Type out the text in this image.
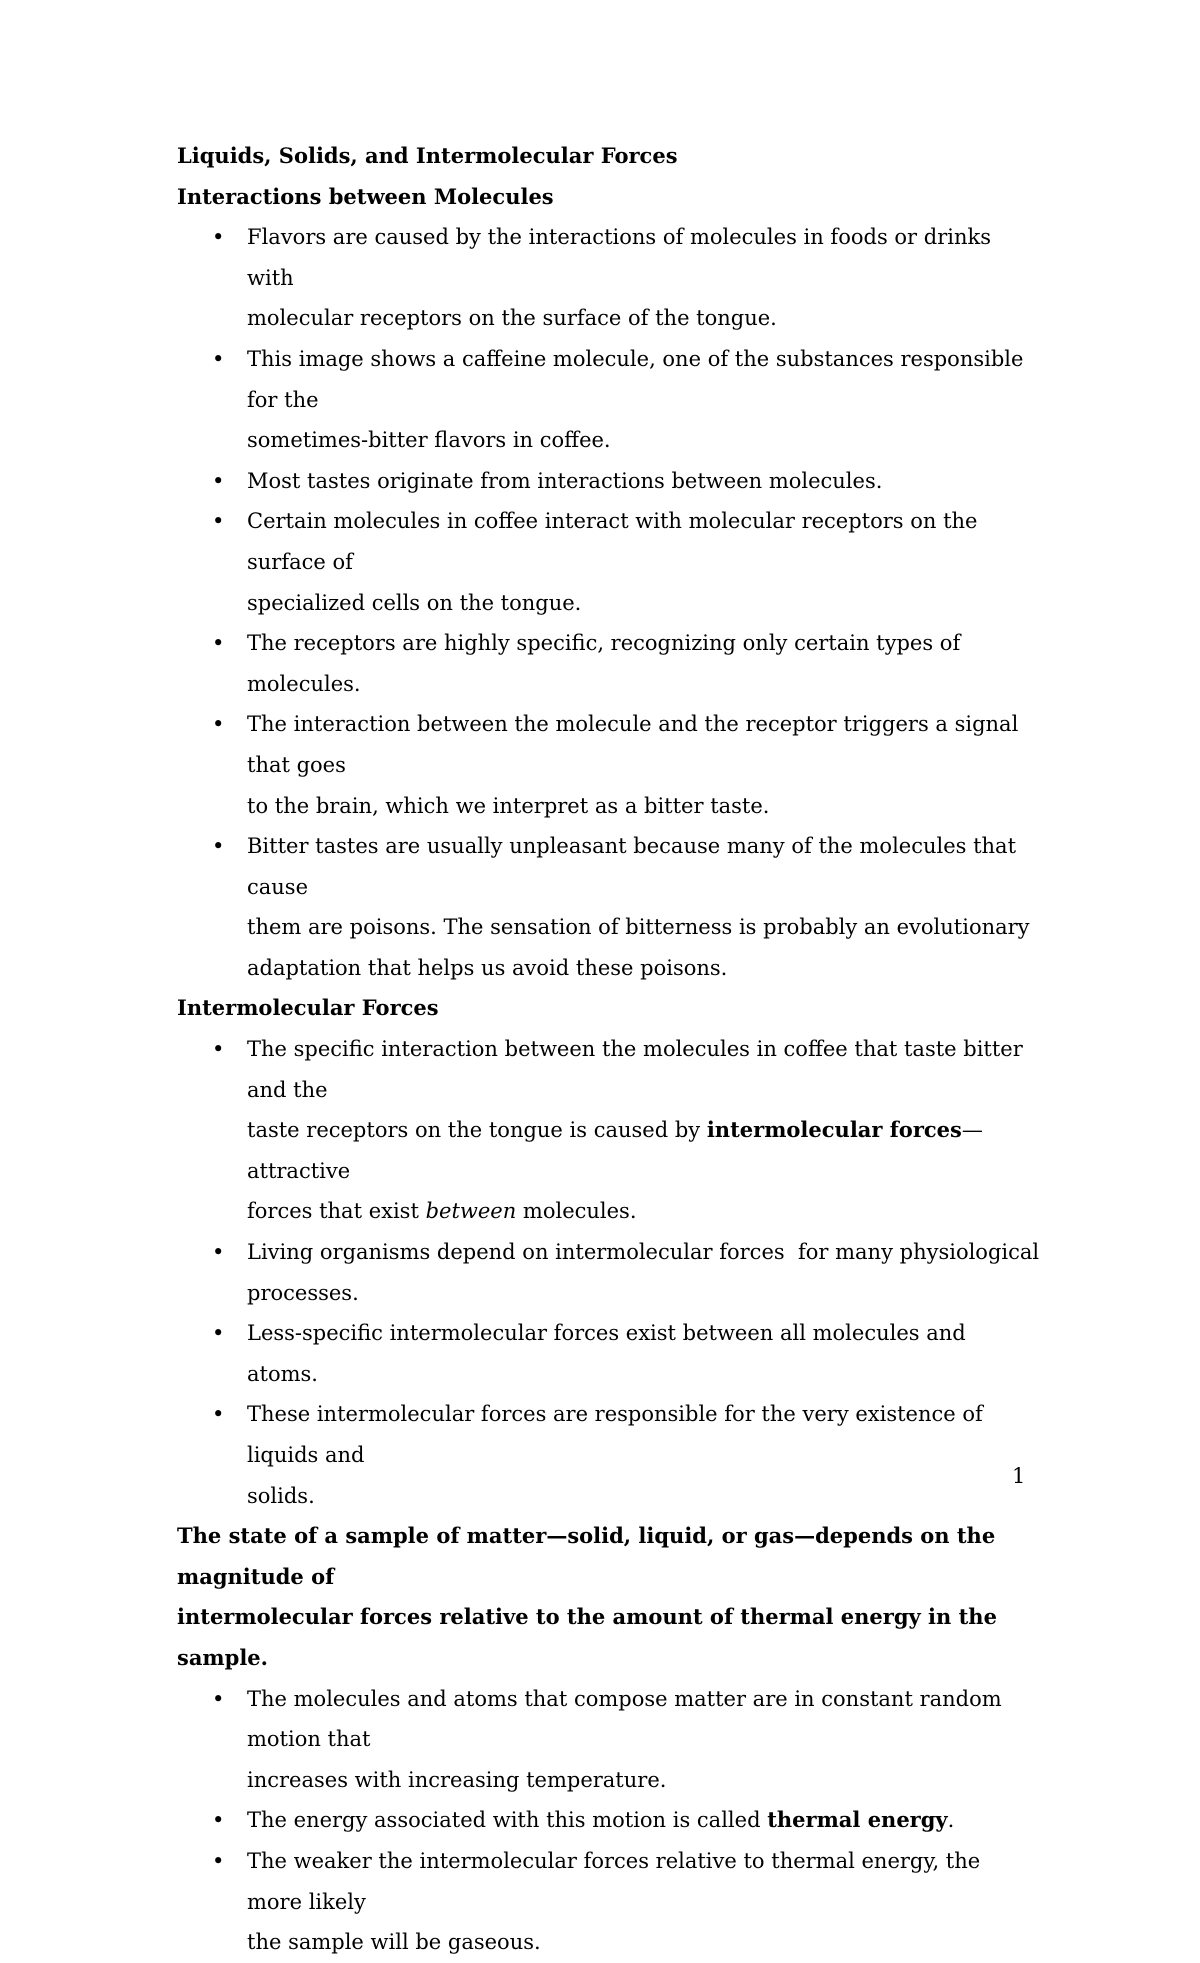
Liquids, Solids, and Intermolecular Forces
Interactions between Molecules
• Flavors are caused by the interactions of molecules in foods or drinks with
molecular receptors on the surface of the tongue.
• This image shows a caffeine molecule, one of the substances responsible for the
sometimes-bitter flavors in coffee.
• Most tastes originate from interactions between molecules.
• Certain molecules in coffee interact with molecular receptors on the surface of
specialized cells on the tongue.
• The receptors are highly specific, recognizing only certain types of molecules.
• The interaction between the molecule and the receptor triggers a signal that goes
to the brain, which we interpret as a bitter taste.
• Bitter tastes are usually unpleasant because many of the molecules that cause
them are poisons. The sensation of bitterness is probably an evolutionary
adaptation that helps us avoid these poisons.
Intermolecular Forces
• The specific interaction between the molecules in coffee that taste bitter and the
taste receptors on the tongue is caused by intermolecular forces—attractive
forces that exist between molecules.
• Living organisms depend on intermolecular forces  for many physiological
processes.
• Less-specific intermolecular forces exist between all molecules and atoms.
• These intermolecular forces are responsible for the very existence of liquids and
solids.
The state of a sample of matter—solid, liquid, or gas—depends on the magnitude of
intermolecular forces relative to the amount of thermal energy in the sample.
• The molecules and atoms that compose matter are in constant random motion that
increases with increasing temperature.
• The energy associated with this motion is called thermal energy.
• The weaker the intermolecular forces relative to thermal energy, the more likely
the sample will be gaseous.
1
